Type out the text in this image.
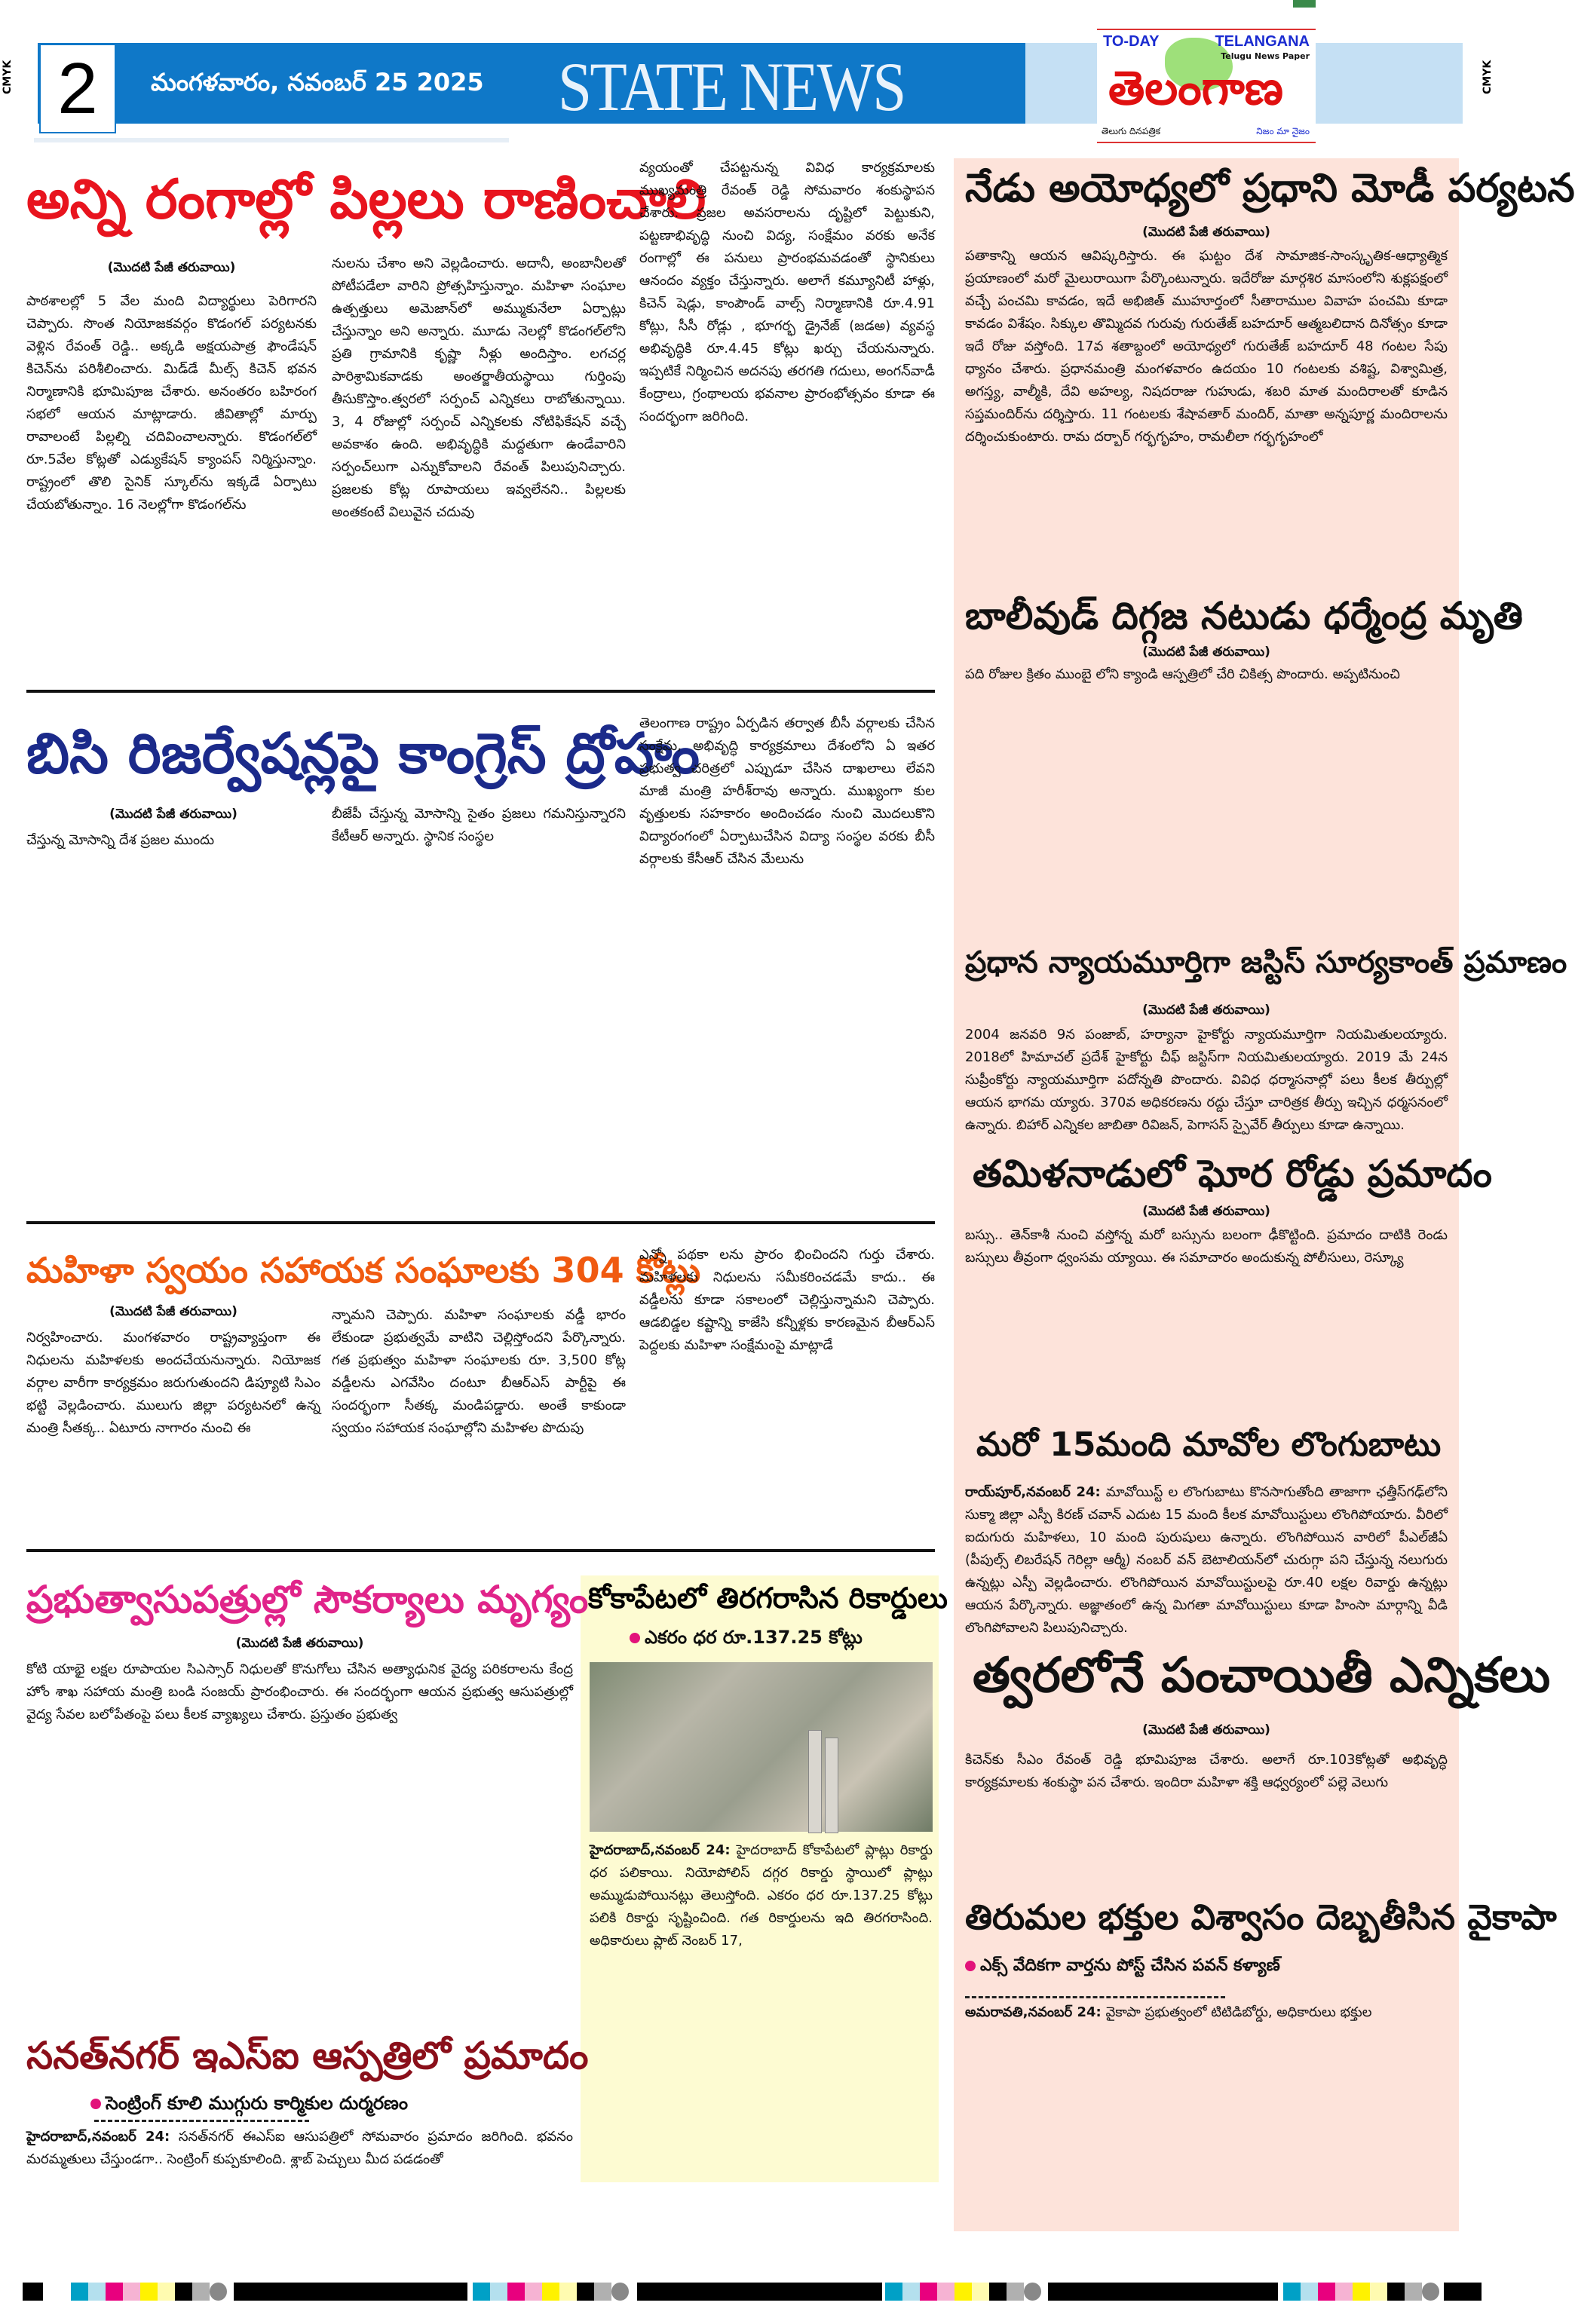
CMYK	CMYK
2	మంగళవారం, నవంబర్ 25 2025 STATE NEWS
TO-DAY	TELANGANA
Telugu News Paper
తెలంగాణ
తెలుగు దినపత్రిక	నిజం మా నైజం
అన్ని రంగాల్లో పిల్లలు రాణించాలి
(మొదటి పేజీ తరువాయి)
పాఠశాలల్లో 5 వేల మంది విద్యార్థులు పెరిగారని చెప్పారు. సొంత నియోజకవర్గం కొడంగల్ పర్యటనకు వెళ్లిన రేవంత్ రెడ్డి.. అక్కడి అక్షయపాత్ర ఫౌండేషన్ కిచెన్‌ను పరిశీలించారు. మిడ్‌డే మీల్స్ కిచెన్ భవన నిర్మాణానికి భూమిపూజ చేశారు. అనంతరం బహిరంగ సభలో ఆయన మాట్లాడారు. జీవితాల్లో మార్పు రావాలంటే పిల్లల్ని చదివించాలన్నారు. కొడంగల్‌లో రూ.5వేల కోట్లతో ఎడ్యుకేషన్ క్యాంపస్ నిర్మిస్తున్నాం. రాష్ట్రంలో తొలి సైనిక్ స్కూల్‌ను ఇక్కడే ఏర్పాటు చేయబోతున్నాం. 16 నెలల్లోగా కొడంగల్‌ను
నులను చేశాం అని వెల్లడించారు. అదానీ, అంబానీలతో పోటీపడేలా వారిని ప్రోత్సహిస్తున్నాం. మహిళా సంఘాల ఉత్పత్తులు అమెజాన్‌లో అమ్ముకునేలా ఏర్పాట్లు చేస్తున్నాం అని అన్నారు. మూడు నెలల్లో కొడంగల్‌లోని ప్రతి గ్రామానికి కృష్ణా నీళ్లు అందిస్తాం. లగచర్ల పారిశ్రామికవాడకు అంతర్జాతీయస్థాయి గుర్తింపు తీసుకొస్తాం.త్వరలో సర్పంచ్ ఎన్నికలు రాబోతున్నాయి. 3, 4 రోజుల్లో సర్పంచ్ ఎన్నికలకు నోటిఫికేషన్ వచ్చే అవకాశం ఉంది. అభివృద్ధికి మద్దతుగా ఉండేవారిని సర్పంచ్‌లుగా ఎన్నుకోవాలని రేవంత్ పిలుపునిచ్చారు. ప్రజలకు కోట్ల రూపాయలు ఇవ్వలేనని.. పిల్లలకు అంతకంటే విలువైన చదువు
వ్యయంతో చేపట్టనున్న వివిధ కార్యక్రమాలకు ముఖ్యమంత్రి రేవంత్ రెడ్డి సోమవారం శంకుస్థాపన చేశారు. ప్రజల అవసరాలను దృష్టిలో పెట్టుకుని, పట్టణాభివృద్ధి నుంచి విద్య, సంక్షేమం వరకు అనేక రంగాల్లో ఈ పనులు ప్రారంభమవడంతో స్థానికులు ఆనందం వ్యక్తం చేస్తున్నారు. అలాగే కమ్యూనిటీ హాళ్లు, కిచెన్ షెడ్లు, కాంపౌండ్ వాల్స్ నిర్మాణానికి రూ.4.91 కోట్లు, సీసీ రోడ్లు , భూగర్భ డ్రైనేజ్ (జడఅ) వ్యవస్థ అభివృద్ధికి రూ.4.45 కోట్లు ఖర్చు చేయనున్నారు. ఇప్పటికే నిర్మించిన అదనపు తరగతి గదులు, అంగన్‌వాడీ కేంద్రాలు, గ్రంథాలయ భవనాల ప్రారంభోత్సవం కూడా ఈ సందర్భంగా జరిగింది.
బిసి రిజర్వేషన్లపై కాంగ్రెస్ ద్రోహం
(మొదటి పేజీ తరువాయి)
చేస్తున్న మోసాన్ని దేశ ప్రజల ముందు
బీజేపీ చేస్తున్న మోసాన్ని సైతం ప్రజలు గమనిస్తున్నారని కేటీఆర్ అన్నారు. స్థానిక సంస్థల
తెలంగాణ రాష్ట్రం ఏర్పడిన తర్వాత బీసీ వర్గాలకు చేసిన సంక్షేమ, అభివృద్ధి కార్యక్రమాలు దేశంలోని ఏ ఇతర ప్రభుత్వ చరిత్రలో ఎప్పుడూ చేసిన దాఖలాలు లేవని మాజీ మంత్రి హరీశ్‌రావు అన్నారు. ముఖ్యంగా కుల వృత్తులకు సహకారం అందించడం నుంచి మొదలుకొని విద్యారంగంలో ఏర్పాటుచేసిన విద్యా సంస్థల వరకు బీసీ వర్గాలకు కేసీఆర్ చేసిన మేలును
మహిళా స్వయం సహాయక సంఘాలకు 304 కోట్లు
(మొదటి పేజీ తరువాయి)
నిర్వహించారు. మంగళవారం రాష్ట్రవ్యాప్తంగా ఈ నిధులను మహిళలకు అందచేయనున్నారు. నియోజక వర్గాల వారీగా కార్యక్రమం జరుగుతుందని డిప్యూటి సిఎం భట్టి వెల్లడించారు. ములుగు జిల్లా పర్యటనలో ఉన్న మంత్రి సీతక్క.. ఏటూరు నాగారం నుంచి ఈ
న్నామని చెప్పారు. మహిళా సంఘాలకు వడ్డీ భారం లేకుండా ప్రభుత్వమే వాటిని చెల్లిస్తోందని పేర్కొన్నారు. గత ప్రభుత్వం మహిళా సంఘాలకు రూ. 3,500 కోట్ల వడ్డీలను ఎగవేసిం దంటూ బీఆర్ఎస్ పార్టీపై ఈ సందర్భంగా సీతక్క మండిపడ్డారు. అంతే కాకుండా స్వయం సహాయక సంఘాల్లోని మహిళల పొదుపు
ఎన్నో పథకా లను ప్రారం భించిందని గుర్తు చేశారు. మహిళలకు నిధులను సమీకరించడమే కాదు.. ఈ వడ్డీలను కూడా సకాలంలో చెల్లిస్తున్నామని చెప్పారు. ఆడబిడ్డల కష్టాన్ని కాజేసి కన్నీళ్లకు కారణమైన బీఆర్ఎస్ పెద్దలకు మహిళా సంక్షేమంపై మాట్లాడే
ప్రభుత్వాసుపత్రుల్లో సౌకర్యాలు మృగ్యం
(మొదటి పేజీ తరువాయి)
కోటి యాభై లక్షల రూపాయల సిఎస్సార్ నిధులతో కొనుగోలు చేసిన అత్యాధునిక వైద్య పరికరాలను కేంద్ర హోం శాఖ సహాయ మంత్రి బండి సంజయ్ ప్రారంభించారు. ఈ సందర్భంగా ఆయన ప్రభుత్వ ఆసుపత్రుల్లో వైద్య సేవల బలోపేతంపై పలు కీలక వ్యాఖ్యలు చేశారు. ప్రస్తుతం ప్రభుత్వ
కోకాపేటలో తిరగరాసిన రికార్డులు
ఎకరం ధర రూ.137.25 కోట్లు
హైదరాబాద్,నవంబర్ 24: హైదరాబాద్ కోకాపేటలో ప్లాట్లు రికార్డు ధర పలికాయి. నియోపోలిస్ దగ్గర రికార్డు స్థాయిలో ప్లాట్లు అమ్ముడుపోయినట్లు తెలుస్తోంది. ఎకరం ధర రూ.137.25 కోట్లు పలికి రికార్డు సృష్టించింది. గత రికార్డులను ఇది తిరగరాసింది. అధికారులు ప్లాట్ నెంబర్ 17,
సనత్‌నగర్ ఇఎస్ఐ ఆస్పత్రిలో ప్రమాదం
సెంట్రింగ్ కూలి ముగ్గురు కార్మికుల దుర్మరణం
హైదరాబాద్,నవంబర్ 24: సనత్‌నగర్ ఈఎస్ఐ ఆసుపత్రిలో సోమవారం ప్రమాదం జరిగింది. భవనం మరమ్మతులు చేస్తుండగా.. సెంట్రింగ్ కుప్పకూలింది. శ్లాబ్ పెచ్చులు మీద పడడంతో
నేడు అయోధ్యలో ప్రధాని మోడీ పర్యటన
(మొదటి పేజీ తరువాయి)
పతాకాన్ని ఆయన ఆవిష్కరిస్తారు. ఈ ఘట్టం దేశ సామాజిక-సాంస్కృతిక-ఆధ్యాత్మిక ప్రయాణంలో మరో మైలురాయిగా పేర్కొంటున్నారు. ఇదేరోజు మార్గశిర మాసంలోని శుక్లపక్షంలో వచ్చే పంచమి కావడం, ఇదే అభిజిత్ ముహూర్తంలో సీతారాముల వివాహ పంచమి కూడా కావడం విశేషం. సిక్కుల తొమ్మిదవ గురువు గురుతేజ్ బహదూర్ ఆత్మబలిదాన దినోత్సం కూడా ఇదే రోజు వస్తోంది. 17వ శతాబ్దంలో అయోధ్యలో గురుతేజ్ బహదూర్ 48 గంటల సేపు ధ్యానం చేశారు. ప్రధానమంత్రి మంగళవారం ఉదయం 10 గంటలకు వశిష్ట, విశ్వామిత్ర, అగస్త్య, వాల్మీకి, దేవి అహల్య, నిషదరాజు గుహుడు, శబరి మాత మందిరాలతో కూడిన సప్తమందిర్‌ను దర్శిస్తారు. 11 గంటలకు శేషావతార్ మందిర్, మాతా అన్నపూర్ణ మందిరాలను దర్శించుకుంటారు. రామ దర్బార్ గర్భగృహం, రామలీలా గర్భగృహంలో
బాలీవుడ్ దిగ్గజ నటుడు ధర్మేంద్ర మృతి
(మొదటి పేజీ తరువాయి)
పది రోజుల క్రితం ముంబై లోని క్యాండి ఆస్పత్రిలో చేరి చికిత్స పొందారు. అప్పటినుంచి
ప్రధాన న్యాయమూర్తిగా జస్టిస్ సూర్యకాంత్ ప్రమాణం
(మొదటి పేజీ తరువాయి)
2004 జనవరి 9న పంజాబ్, హర్యానా హైకోర్టు న్యాయమూర్తిగా నియమితులయ్యారు. 2018లో హిమాచల్ ప్రదేశ్ హైకోర్టు చీఫ్ జస్టిస్‌గా నియమితులయ్యారు. 2019 మే 24న సుప్రీంకోర్టు న్యాయమూర్తిగా పదోన్నతి పొందారు. వివిధ ధర్మాసనాల్లో పలు కీలక తీర్పుల్లో ఆయన భాగమ య్యారు. 370వ అధికరణను రద్దు చేస్తూ చారిత్రక తీర్పు ఇచ్చిన ధర్మసనంలో ఉన్నారు. బిహార్ ఎన్నికల జాబితా రివిజన్, పెగాసస్ స్పైవేర్ తీర్పులు కూడా ఉన్నాయి.
తమిళనాడులో ఘోర రోడ్డు ప్రమాదం
(మొదటి పేజీ తరువాయి)
బస్సు.. తెన్‌కాశీ నుంచి వస్తోన్న మరో బస్సును బలంగా ఢీకొట్టింది. ప్రమాదం దాటికి రెండు బస్సులు తీవ్రంగా ధ్వంసమ య్యాయి. ఈ సమాచారం అందుకున్న పోలీసులు, రెస్క్యూ
మరో 15మంది మావోల లొంగుబాటు
రాయ్‌పూర్,నవంబర్ 24: మావోయిస్ట్ ల లొంగుబాటు కొనసాగుతోంది తాజాగా ఛత్తీస్‌గఢ్‌లోని సుక్మా జిల్లా ఎస్పీ కిరణ్ చవాన్ ఎదుట 15 మంది కీలక మావోయిస్టులు లొంగిపోయారు. వీరిలో ఐదుగురు మహిళలు, 10 మంది పురుషులు ఉన్నారు. లొంగిపోయిన వారిలో పీఎల్‌జీఏ (పీపుల్స్ లిబరేషన్ గెరిల్లా ఆర్మీ) నంబర్ వన్ బెటాలియన్‌లో చురుగ్గా పని చేస్తున్న నలుగురు ఉన్నట్లు ఎస్పీ వెల్లడించారు. లొంగిపోయిన మావోయిస్టులపై రూ.40 లక్షల రివార్డు ఉన్నట్లు ఆయన పేర్కొన్నారు. అజ్ఞాతంలో ఉన్న మిగతా మావోయిస్టులు కూడా హింసా మార్గాన్ని వీడి లొంగిపోవాలని పిలుపునిచ్చారు.
త్వరలోనే పంచాయితీ ఎన్నికలు
(మొదటి పేజీ తరువాయి)
కిచెన్‌కు సీఎం రేవంత్ రెడ్డి భూమిపూజ చేశారు. అలాగే రూ.103కోట్లతో అభివృద్ధి కార్యక్రమాలకు శంకుస్థా పన చేశారు. ఇందిరా మహిళా శక్తి ఆధ్వర్యంలో పల్లె వెలుగు
తిరుమల భక్తుల విశ్వాసం దెబ్బతీసిన వైకాపా
ఎక్స్ వేదికగా వార్తను పోస్ట్ చేసిన పవన్ కళ్యాణ్
అమరావతి,నవంబర్ 24: వైకాపా ప్రభుత్వంలో టిటిడిబోర్డు, అధికారులు భక్తుల
